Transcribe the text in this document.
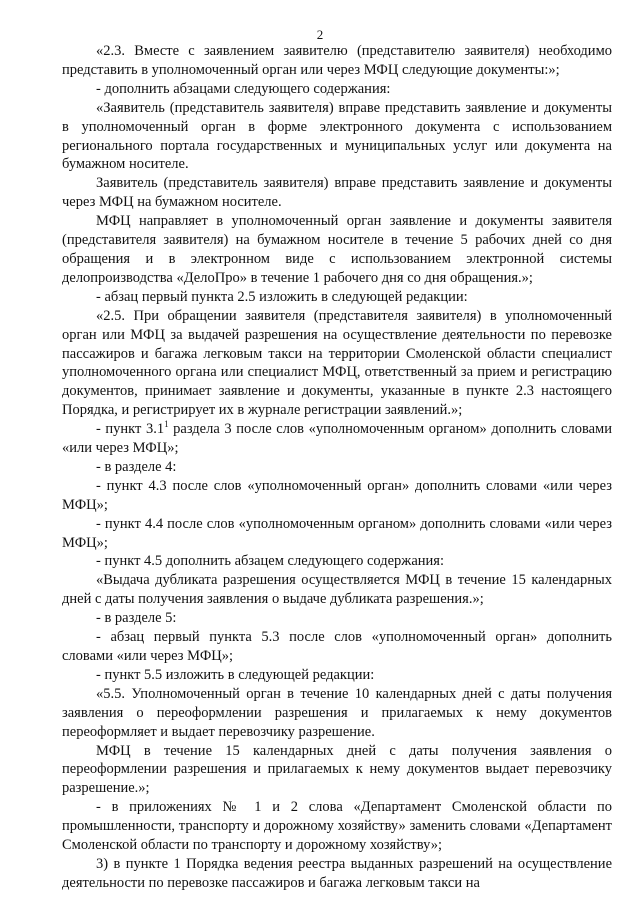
2

«2.3. Вместе с заявлением заявителю (представителю заявителя) необходимо представить в уполномоченный орган или через МФЦ следующие документы:»;

- дополнить абзацами следующего содержания:

«Заявитель (представитель заявителя) вправе представить заявление и документы в уполномоченный орган в форме электронного документа с использованием регионального портала государственных и муниципальных услуг или документа на бумажном носителе.

Заявитель (представитель заявителя) вправе представить заявление и документы через МФЦ на бумажном носителе.

МФЦ направляет в уполномоченный орган заявление и документы заявителя (представителя заявителя) на бумажном носителе в течение 5 рабочих дней со дня обращения и в электронном виде с использованием электронной системы делопроизводства «ДелоПро» в течение 1 рабочего дня со дня обращения.»;

- абзац первый пункта 2.5 изложить в следующей редакции:

«2.5. При обращении заявителя (представителя заявителя) в уполномоченный орган или МФЦ за выдачей разрешения на осуществление деятельности по перевозке пассажиров и багажа легковым такси на территории Смоленской области специалист уполномоченного органа или специалист МФЦ, ответственный за прием и регистрацию документов, принимает заявление и документы, указанные в пункте 2.3 настоящего Порядка, и регистрирует их в журнале регистрации заявлений.»;

- пункт $3.1^1$ раздела 3 после слов «уполномоченным органом» дополнить словами «или через МФЦ»;

- в разделе 4:

- пункт 4.3 после слов «уполномоченный орган» дополнить словами «или через МФЦ»;

- пункт 4.4 после слов «уполномоченным органом» дополнить словами «или через МФЦ»;

- пункт 4.5 дополнить абзацем следующего содержания:

«Выдача дубликата разрешения осуществляется МФЦ в течение 15 календарных дней с даты получения заявления о выдаче дубликата разрешения.»;

- в разделе 5:

- абзац первый пункта 5.3 после слов «уполномоченный орган» дополнить словами «или через МФЦ»;

- пункт 5.5 изложить в следующей редакции:

«5.5. Уполномоченный орган в течение 10 календарных дней с даты получения заявления о переоформлении разрешения и прилагаемых к нему документов переоформляет и выдает перевозчику разрешение.

МФЦ в течение 15 календарных дней с даты получения заявления о переоформлении разрешения и прилагаемых к нему документов выдает перевозчику разрешение.»;

- в приложениях № 1 и 2 слова «Департамент Смоленской области по промышленности, транспорту и дорожному хозяйству» заменить словами «Департамент Смоленской области по транспорту и дорожному хозяйству»;

3) в пункте 1 Порядка ведения реестра выданных разрешений на осуществление деятельности по перевозке пассажиров и багажа легковым такси на
